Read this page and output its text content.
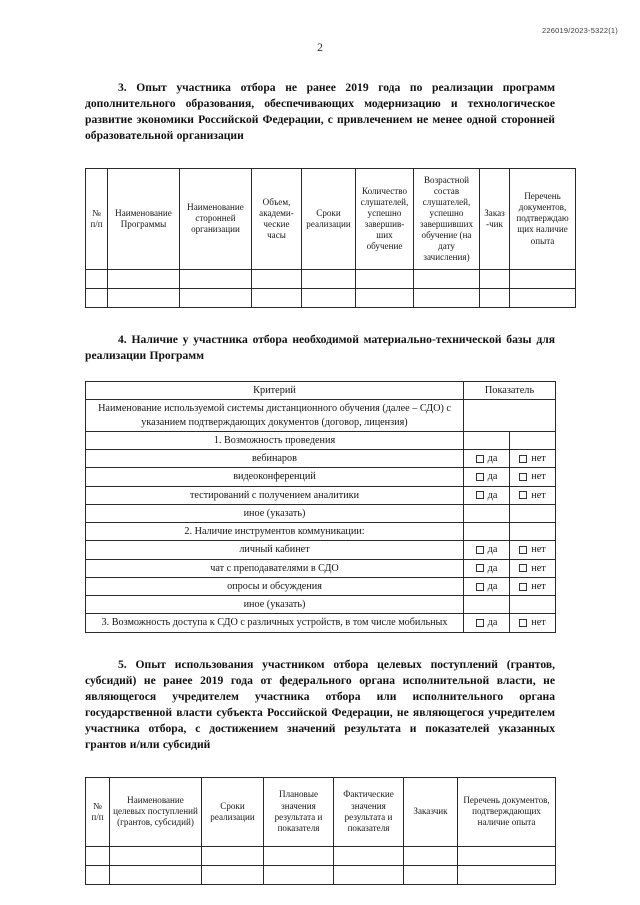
226019/2023-5322(1)
2

3. Опыт участника отбора не ранее 2019 года по реализации программ дополнительного образования, обеспечивающих модернизацию и технологическое развитие экономики Российской Федерации, с привлечением не менее одной сторонней образовательной организации

№ п/п	Наименование Программы	Наименование сторонней организации	Объем, академи-ческие часы	Сроки реализации	Количество слушателей, успешно завершив-ших обучение	Возрастной состав слушателей, успешно завершивших обучение (на дату зачисления)	Заказ-чик	Перечень документов, подтверждающих наличие опыта

4. Наличие у участника отбора необходимой материально-технической базы для реализации Программ

Критерий	Показатель	
Наименование используемой системы дистанционного обучения (далее – СДО) с указанием подтверждающих документов (договор, лицензия)		
1. Возможность проведения		
вебинаров	да	нет
видеоконференций	да	нет
тестирований с получением аналитики	да	нет
иное (указать)		
2. Наличие инструментов коммуникации:		
личный кабинет	да	нет
чат с преподавателями в СДО	да	нет
опросы и обсуждения	да	нет
иное (указать)		
3. Возможность доступа к СДО с различных устройств, в том числе мобильных	да	нет

5. Опыт использования участником отбора целевых поступлений (грантов, субсидий) не ранее 2019 года от федерального органа исполнительной власти, не являющегося учредителем участника отбора или исполнительного органа государственной власти субъекта Российской Федерации, не являющегося учредителем участника отбора, с достижением значений результата и показателей указанных грантов и/или субсидий

№ п/п	Наименование целевых поступлений (грантов, субсидий)	Сроки реализации	Плановые значения результата и показателя	Фактические значения результата и показателя	Заказчик	Перечень документов, подтверждающих наличие опыта
